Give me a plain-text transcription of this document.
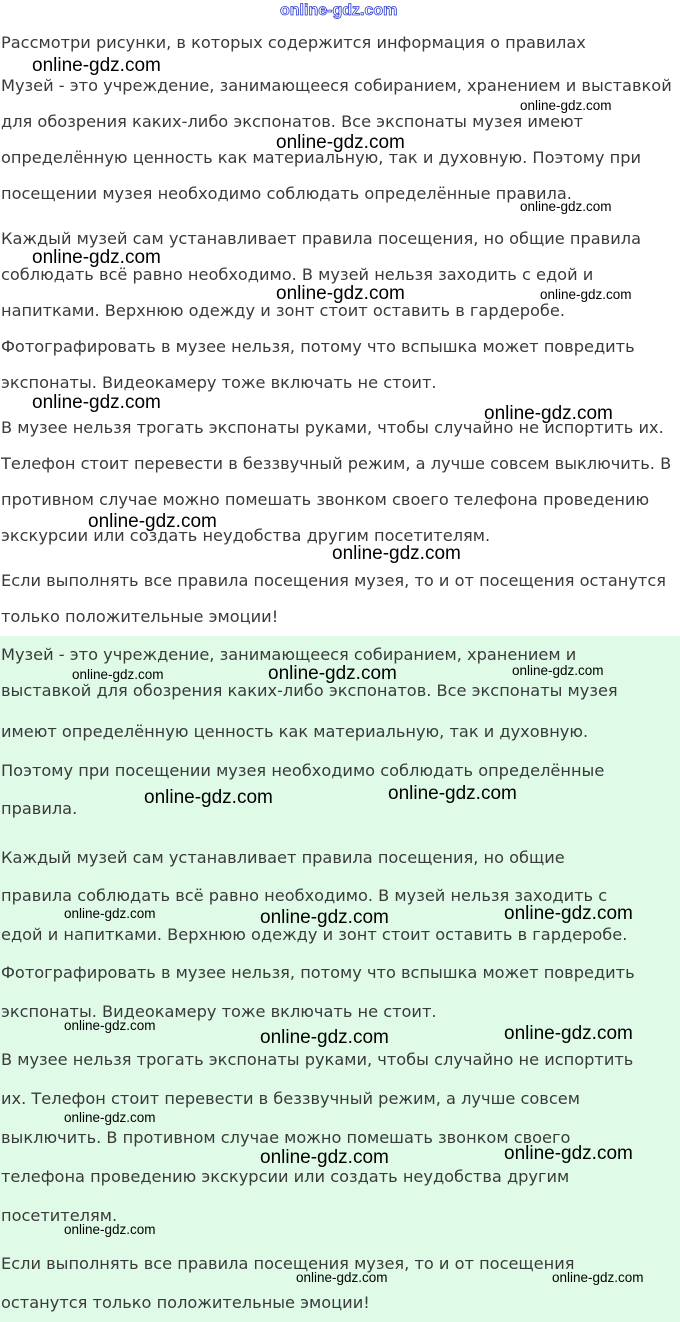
online-gdz.com
Рассмотри рисунки, в которых содержится информация о правилах
Музей - это учреждение, занимающееся собиранием, хранением и выставкой
для обозрения каких-либо экспонатов. Все экспонаты музея имеют
определённую ценность как материальную, так и духовную. Поэтому при
посещении музея необходимо соблюдать определённые правила.
Каждый музей сам устанавливает правила посещения, но общие правила
соблюдать всё равно необходимо. В музей нельзя заходить с едой и
напитками. Верхнюю одежду и зонт стоит оставить в гардеробе.
Фотографировать в музее нельзя, потому что вспышка может повредить
экспонаты. Видеокамеру тоже включать не стоит.
В музее нельзя трогать экспонаты руками, чтобы случайно не испортить их.
Телефон стоит перевести в беззвучный режим, а лучше совсем выключить. В
противном случае можно помешать звонком своего телефона проведению
экскурсии или создать неудобства другим посетителям.
Если выполнять все правила посещения музея, то и от посещения останутся
только положительные эмоции!
Музей - это учреждение, занимающееся собиранием, хранением и
выставкой для обозрения каких-либо экспонатов. Все экспонаты музея
имеют определённую ценность как материальную, так и духовную.
Поэтому при посещении музея необходимо соблюдать определённые
правила.
Каждый музей сам устанавливает правила посещения, но общие
правила соблюдать всё равно необходимо. В музей нельзя заходить с
едой и напитками. Верхнюю одежду и зонт стоит оставить в гардеробе.
Фотографировать в музее нельзя, потому что вспышка может повредить
экспонаты. Видеокамеру тоже включать не стоит.
В музее нельзя трогать экспонаты руками, чтобы случайно не испортить
их. Телефон стоит перевести в беззвучный режим, а лучше совсем
выключить. В противном случае можно помешать звонком своего
телефона проведению экскурсии или создать неудобства другим
посетителям.
Если выполнять все правила посещения музея, то и от посещения
останутся только положительные эмоции!
online-gdz.com
online-gdz.com
online-gdz.com
online-gdz.com
online-gdz.com
online-gdz.com	online-gdz.com
online-gdz.com
online-gdz.com
online-gdz.com
online-gdz.com
online-gdz.com	online-gdz.com	online-gdz.com
online-gdz.com	online-gdz.com
online-gdz.com	online-gdz.com	online-gdz.com
online-gdz.com
online-gdz.com	online-gdz.com
online-gdz.com
online-gdz.com	online-gdz.com
online-gdz.com
online-gdz.com	online-gdz.com
